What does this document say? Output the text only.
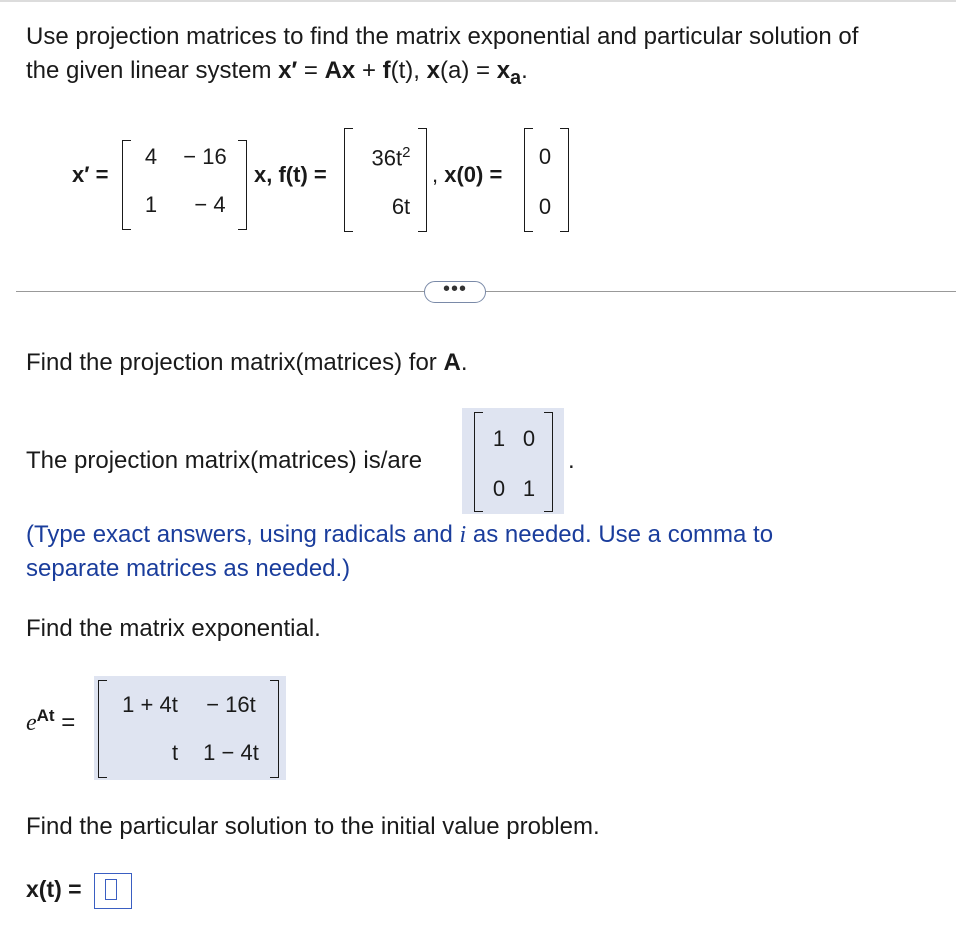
Use projection matrices to find the matrix exponential and particular solution of
the given linear system x′ = Ax + f(t), $x(a) = x_a$.
x′ =
4	− 16
1	− 4
x, f(t) =
$36t^2$
6t
, x(0) =
0
0
•••
Find the projection matrix(matrices) for A.
The projection matrix(matrices) is/are
1 0
0 1
.
(Type exact answers, using radicals and i as needed. Use a comma to
separate matrices as needed.)
Find the matrix exponential.
$e^{At}$ =
1 + 4t	− 16t
t	1 − 4t
Find the particular solution to the initial value problem.
x(t) =
